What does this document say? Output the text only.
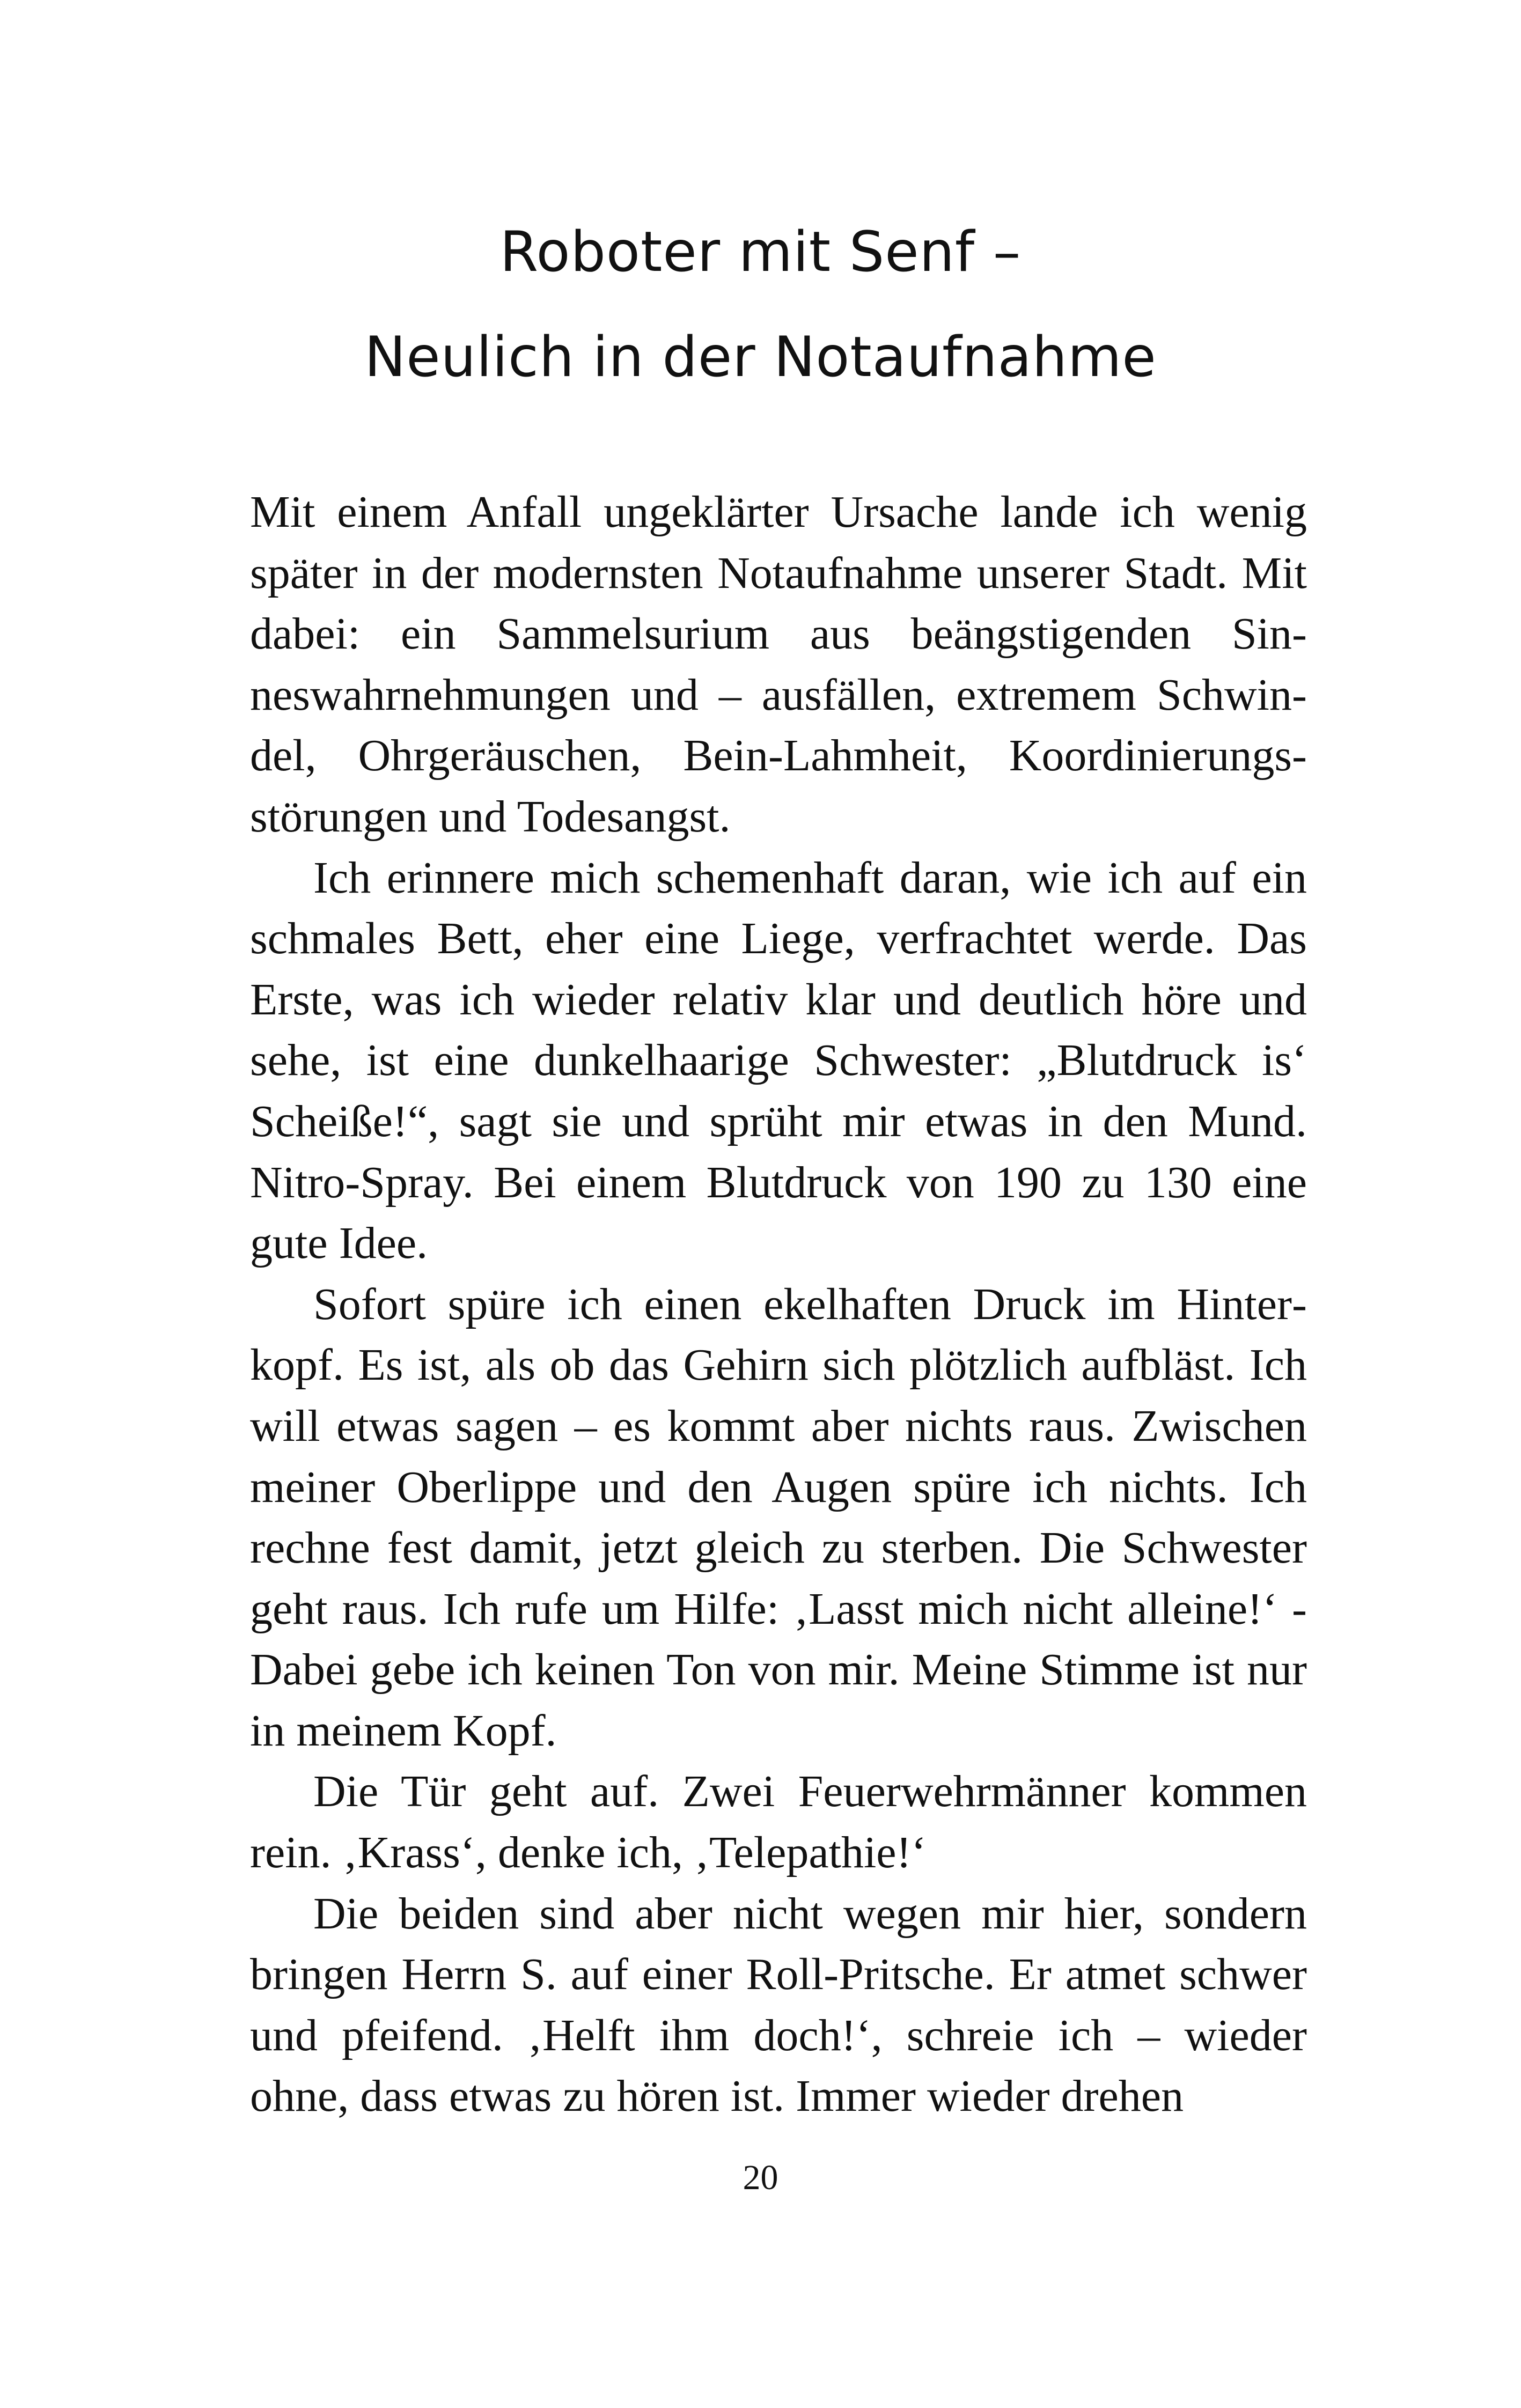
Roboter mit Senf –
Neulich in der Notaufnahme

Mit einem Anfall ungeklärter Ursache lande ich wenig später in der modernsten Notaufnahme unserer Stadt. Mit dabei: ein Sammelsurium aus beängstigenden Sinneswahrnehmungen und – ausfällen, extremem Schwindel, Ohrgeräuschen, Bein-Lahmheit, Koordinierungsstörungen und Todesangst.

Ich erinnere mich schemenhaft daran, wie ich auf ein schmales Bett, eher eine Liege, verfrachtet werde. Das Erste, was ich wieder relativ klar und deutlich höre und sehe, ist eine dunkelhaarige Schwester: „Blutdruck is‘ Scheiße!“, sagt sie und sprüht mir etwas in den Mund. Nitro-Spray. Bei einem Blutdruck von 190 zu 130 eine gute Idee.

Sofort spüre ich einen ekelhaften Druck im Hinterkopf. Es ist, als ob das Gehirn sich plötzlich aufbläst. Ich will etwas sagen – es kommt aber nichts raus. Zwischen meiner Oberlippe und den Augen spüre ich nichts. Ich rechne fest damit, jetzt gleich zu sterben. Die Schwester geht raus. Ich rufe um Hilfe: ‚Lasst mich nicht alleine!‘ - Dabei gebe ich keinen Ton von mir. Meine Stimme ist nur in meinem Kopf.

Die Tür geht auf. Zwei Feuerwehrmänner kommen rein. ‚Krass‘, denke ich, ‚Telepathie!‘

Die beiden sind aber nicht wegen mir hier, sondern bringen Herrn S. auf einer Roll-Pritsche. Er atmet schwer und pfeifend. ‚Helft ihm doch!‘, schreie ich – wieder ohne, dass etwas zu hören ist. Immer wieder drehen

20
